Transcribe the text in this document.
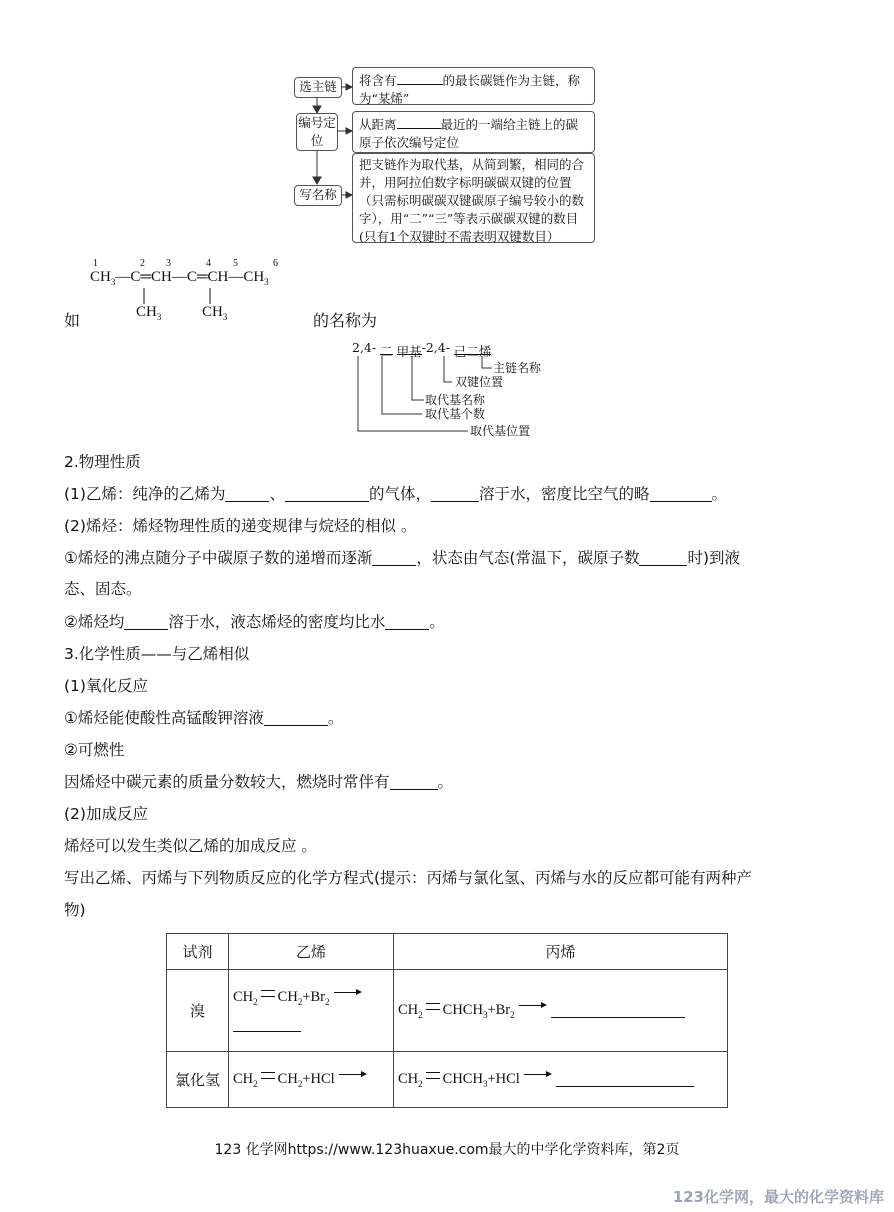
选主链
编号定位
写名称
将含有	的最长碳链作为主链，称为“某烯”
从距离	最近的一端给主链上的碳原子依次编号定位
把支链作为取代基，从简到繁，相同的合并，用阿拉伯数字标明碳碳双键的位置（只需标明碳碳双键碳原子编号较小的数字），用“二”“三”等表示碳碳双键的数目(只有1个双键时不需表明双键数目）
如
1	2 3	4 5	6
$CH_3—C═CH—C═CH—CH_3$
$CH_3$	$CH_3$	的名称为
2,4- 二 甲基-2,4- 己二烯
主链名称
双键位置
取代基名称
取代基个数
取代基位置
2.物理性质
(1)乙烯：纯净的乙烯为	、	的气体，	溶于水，密度比空气的略	。
(2)烯烃：烯烃物理性质的递变规律与烷烃的相似 。
①烯烃的沸点随分子中碳原子数的递增而逐渐	，状态由气态(常温下，碳原子数	时)到液
态、固态。
②烯烃均	溶于水，液态烯烃的密度均比水	。
3.化学性质——与乙烯相似
(1)氧化反应
①烯烃能使酸性高锰酸钾溶液	。
②可燃性
因烯烃中碳元素的质量分数较大，燃烧时常伴有	。
(2)加成反应
烯烃可以发生类似乙烯的加成反应 。
写出乙烯、丙烯与下列物质反应的化学方程式(提示：丙烯与氯化氢、丙烯与水的反应都可能有两种产
物)
试剂	乙烯	丙烯
溴	$CH_2$ $CH_2+Br_2$	$CH_2$ $CHCH_3+Br_2$

氯化氢	$CH_2$ $CH_2+HCl$	$CH_2$ $CHCH_3+HCl$
123 化学网https://www.123huaxue.com最大的中学化学资料库，第2页
123化学网，最大的化学资料库
